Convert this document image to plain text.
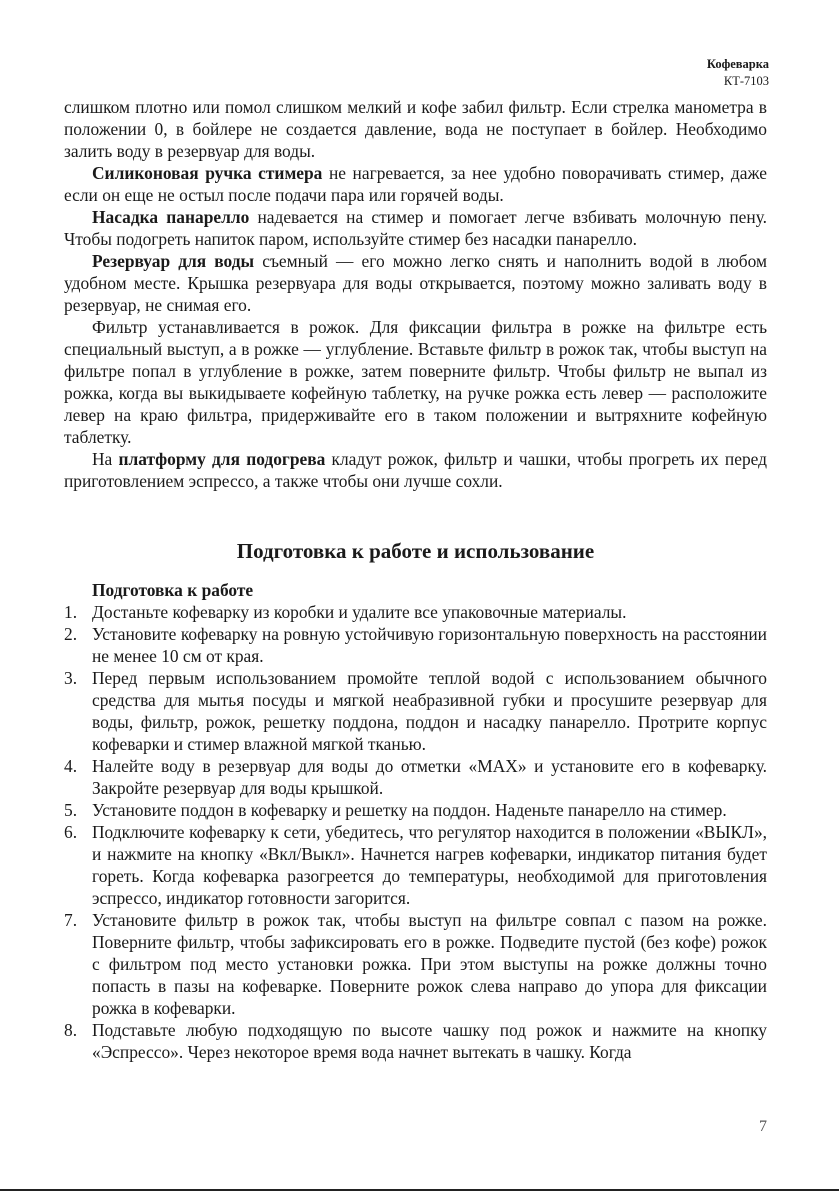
Кофеварка
КТ-7103

слишком плотно или помол слишком мелкий и кофе забил фильтр. Если стрелка манометра в положении 0, в бойлере не создается давление, вода не поступает в бойлер. Необходимо залить воду в резервуар для воды.

Силиконовая ручка стимера не нагревается, за нее удобно поворачивать стимер, даже если он еще не остыл после подачи пара или горячей воды.

Насадка панарелло надевается на стимер и помогает легче взбивать молочную пену. Чтобы подогреть напиток паром, используйте стимер без насадки панарелло.

Резервуар для воды съемный — его можно легко снять и наполнить водой в любом удобном месте. Крышка резервуара для воды открывается, поэтому можно заливать воду в резервуар, не снимая его.

Фильтр устанавливается в рожок. Для фиксации фильтра в рожке на фильтре есть специальный выступ, а в рожке — углубление. Вставьте фильтр в рожок так, чтобы выступ на фильтре попал в углубление в рожке, затем поверните фильтр. Чтобы фильтр не выпал из рожка, когда вы выкидываете кофейную таблетку, на ручке рожка есть левер — расположите левер на краю фильтра, придерживайте его в таком положении и вытряхните кофейную таблетку.

На платформу для подогрева кладут рожок, фильтр и чашки, чтобы прогреть их перед приготовлением эспрессо, а также чтобы они лучше сохли.

Подготовка к работе и использование
Подготовка к работе
1. Достаньте кофеварку из коробки и удалите все упаковочные материалы.
2. Установите кофеварку на ровную устойчивую горизонтальную поверхность на расстоянии не менее 10 см от края.
3. Перед первым использованием промойте теплой водой с использованием обычного средства для мытья посуды и мягкой неабразивной губки и просушите резервуар для воды, фильтр, рожок, решетку поддона, поддон и насадку панарелло. Протрите корпус кофеварки и стимер влажной мягкой тканью.
4. Налейте воду в резервуар для воды до отметки «MAX» и установите его в кофеварку. Закройте резервуар для воды крышкой.
5. Установите поддон в кофеварку и решетку на поддон. Наденьте панарелло на стимер.
6. Подключите кофеварку к сети, убедитесь, что регулятор находится в положении «ВЫКЛ», и нажмите на кнопку «Вкл/Выкл». Начнется нагрев кофеварки, индикатор питания будет гореть. Когда кофеварка разогреется до температуры, необходимой для приготовления эспрессо, индикатор готовности загорится.
7. Установите фильтр в рожок так, чтобы выступ на фильтре совпал с пазом на рожке. Поверните фильтр, чтобы зафиксировать его в рожке. Подведите пустой (без кофе) рожок с фильтром под место установки рожка. При этом выступы на рожке должны точно попасть в пазы на кофеварке. Поверните рожок слева направо до упора для фиксации рожка в кофеварки.
8. Подставьте любую подходящую по высоте чашку под рожок и нажмите на кнопку «Эспрессо». Через некоторое время вода начнет вытекать в чашку. Когда
7
